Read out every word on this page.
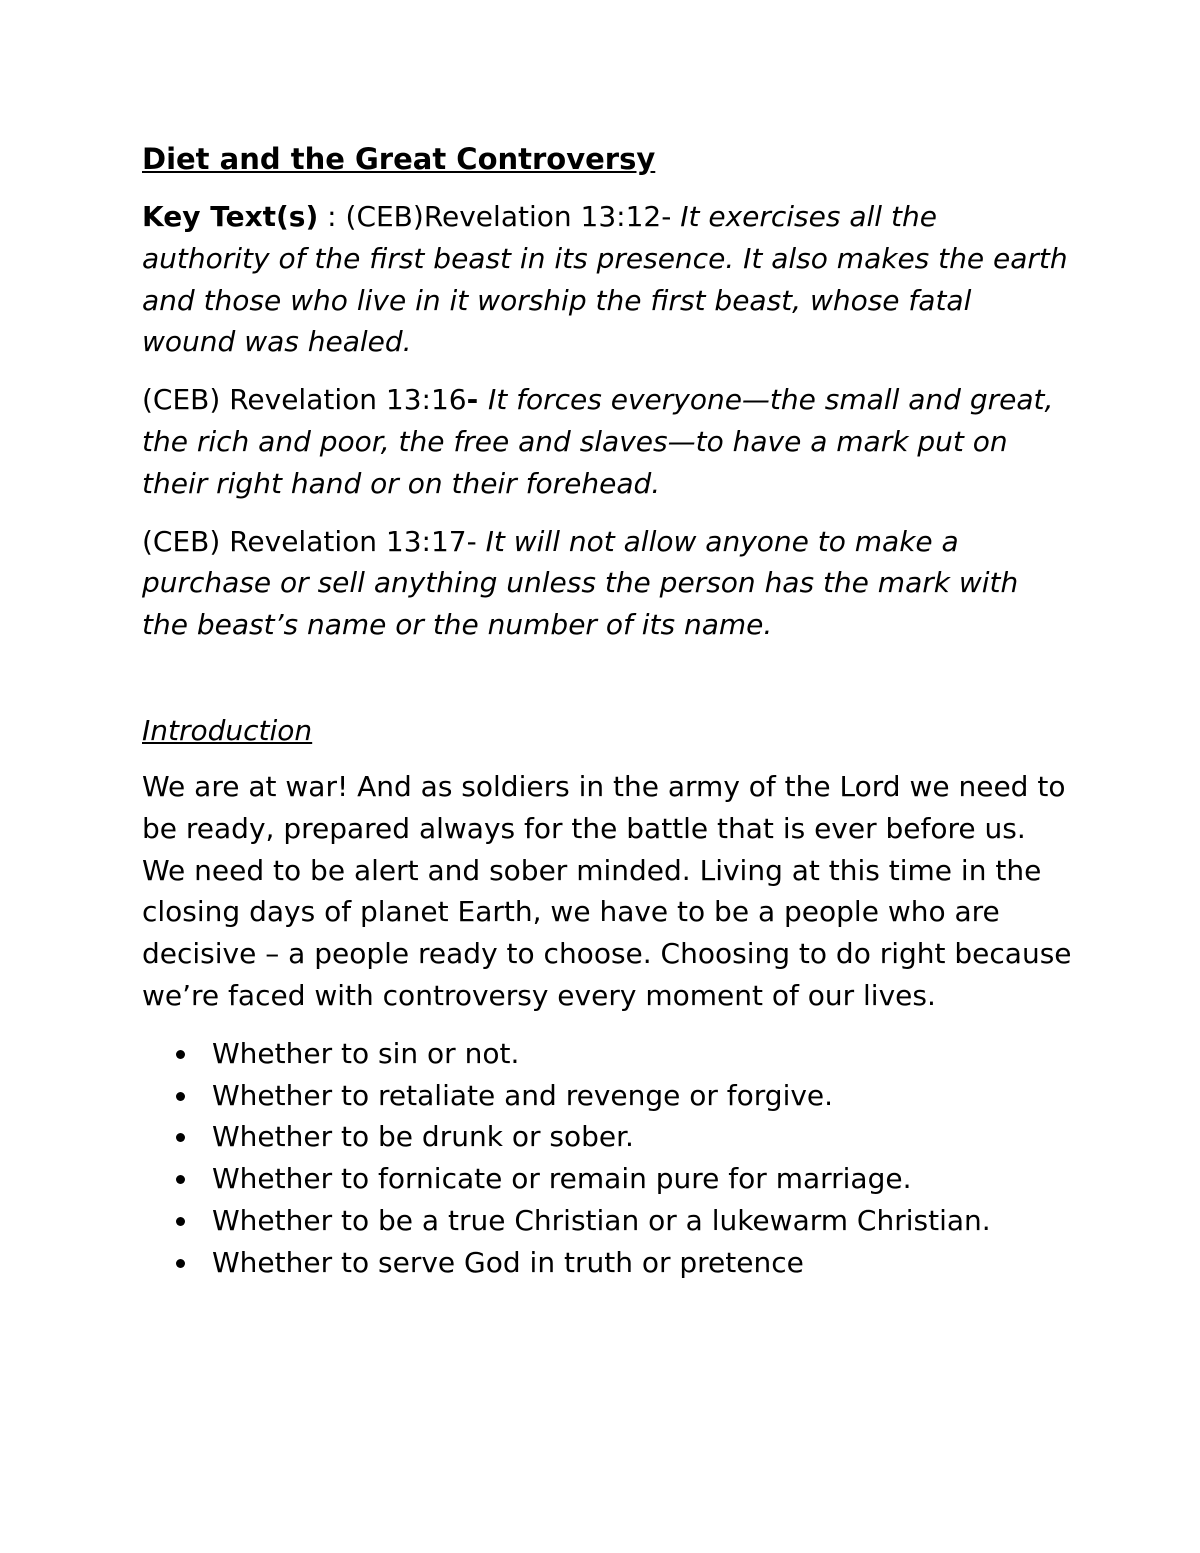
Diet and the Great Controversy
Key Text(s) : (CEB)Revelation 13:12- It exercises all the authority of the first beast in its presence. It also makes the earth and those who live in it worship the first beast, whose fatal wound was healed.
(CEB) Revelation 13:16- It forces everyone—the small and great, the rich and poor, the free and slaves—to have a mark put on their right hand or on their forehead.
(CEB) Revelation 13:17- It will not allow anyone to make a purchase or sell anything unless the person has the mark with the beast’s name or the number of its name.
Introduction
We are at war! And as soldiers in the army of the Lord we need to be ready, prepared always for the battle that is ever before us. We need to be alert and sober minded. Living at this time in the closing days of planet Earth, we have to be a people who are decisive – a people ready to choose. Choosing to do right because we’re faced with controversy every moment of our lives.
Whether to sin or not.
Whether to retaliate and revenge or forgive.
Whether to be drunk or sober.
Whether to fornicate or remain pure for marriage.
Whether to be a true Christian or a lukewarm Christian.
Whether to serve God in truth or pretence
